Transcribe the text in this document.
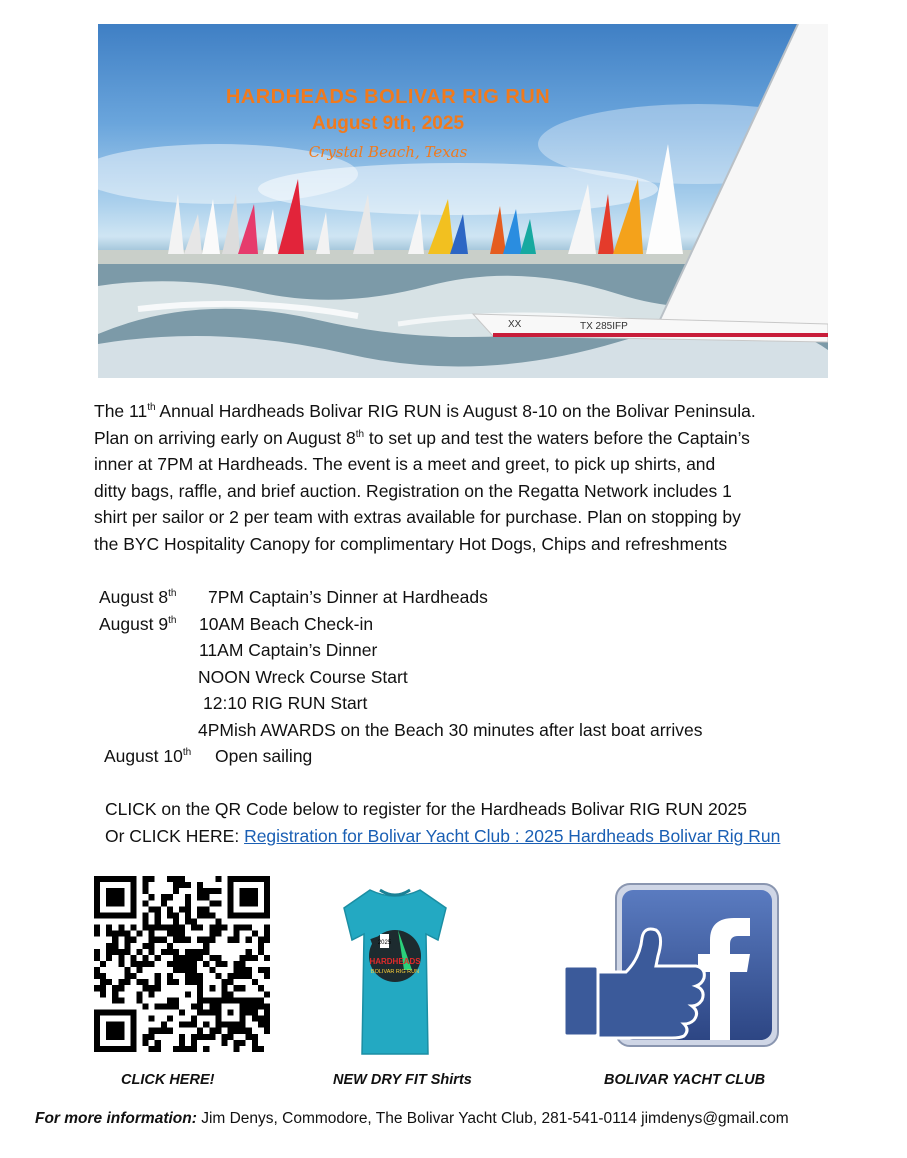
XX	TX 285IFP
HARDHEADS BOLIVAR RIG RUN
August 9th, 2025
Crystal Beach, Texas

The 11th Annual Hardheads Bolivar RIG RUN is August 8-10 on the Bolivar Peninsula.

Plan on arriving early on August 8th to set up and test the waters before the Captain’s

inner at 7PM at Hardheads. The event is a meet and greet, to pick up shirts, and

ditty bags, raffle, and brief auction. Registration on the Regatta Network includes 1

shirt per sailor or 2 per team with extras available for purchase. Plan on stopping by

the BYC Hospitality Canopy for complimentary Hot Dogs, Chips and refreshments

August 8th 7PM Captain’s Dinner at Hardheads
August 9th 10AM Beach Check-in
11AM Captain’s Dinner
NOON Wreck Course Start
12:10 RIG RUN Start
4PMish AWARDS on the Beach 30 minutes after last boat arrives
August 10th Open sailing
CLICK on the QR Code below to register for the Hardheads Bolivar RIG RUN 2025
Or CLICK HERE: Registration for Bolivar Yacht Club : 2025 Hardheads Bolivar Rig Run
2025
HARDHEADS
BOLIVAR RIG RUN
CLICK HERE!	NEW DRY FIT Shirts	BOLIVAR YACHT CLUB
For more information: Jim Denys, Commodore, The Bolivar Yacht Club, 281-541-0114 jimdenys@gmail.com
